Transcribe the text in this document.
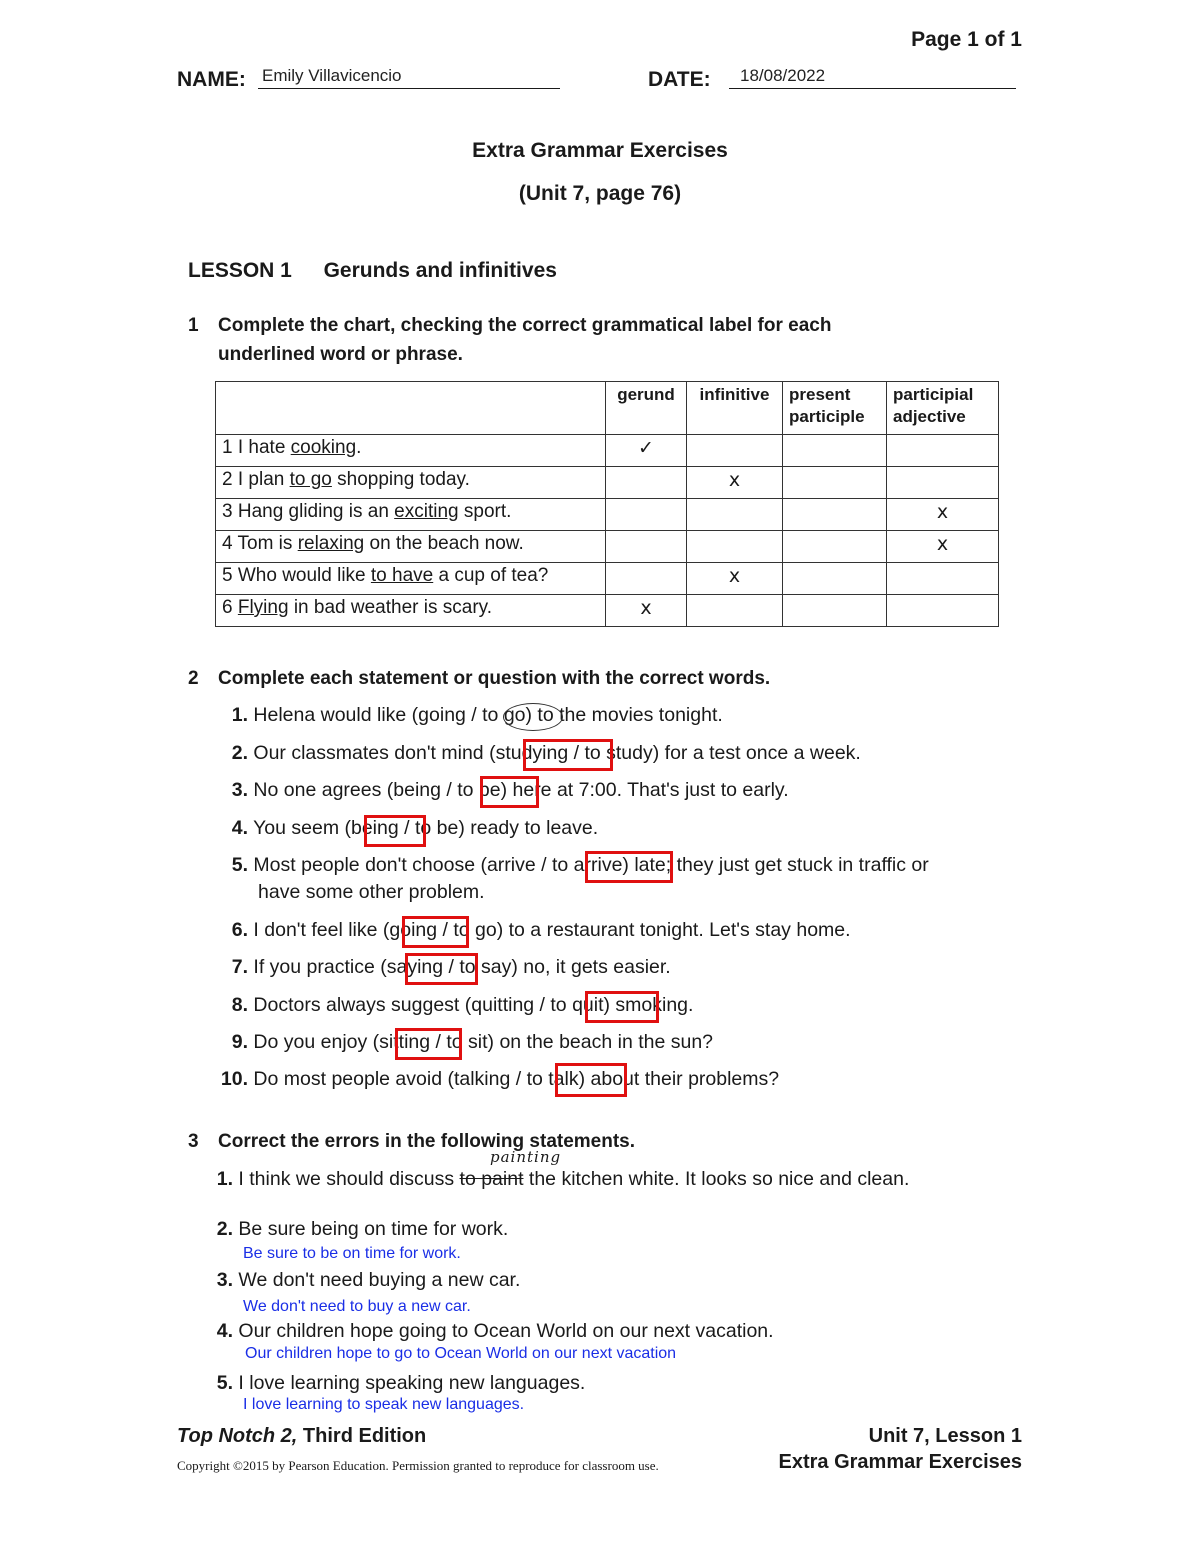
Page 1 of 1
NAME: Emily Villavicencio	DATE: 18/08/2022
Extra Grammar Exercises
(Unit 7, page 76)
LESSON 1 Gerunds and infinitives
1 Complete the chart, checking the correct grammatical label for each
underlined word or phrase.
	gerund	infinitive	present participle	participial adjective
1 I hate cooking.	✓			
2 I plan to go shopping today.		x		
3 Hang gliding is an exciting sport.				x
4 Tom is relaxing on the beach now.				x
5 Who would like to have a cup of tea?		x		
6 Flying in bad weather is scary.	x			
2 Complete each statement or question with the correct words.
1. Helena would like (going / to go) to the movies tonight.
2. Our classmates don't mind (studying / to study) for a test once a week.
3. No one agrees (being / to be) here at 7:00. That's just to early.
4. You seem (being / to be) ready to leave.
5. Most people don't choose (arrive / to arrive) late; they just get stuck in traffic or
have some other problem.
6. I don't feel like (going / to go) to a restaurant tonight. Let's stay home.
7. If you practice (saying / to say) no, it gets easier.
8. Doctors always suggest (quitting / to quit) smoking.
9. Do you enjoy (sitting / to sit) on the beach in the sun?
10. Do most people avoid (talking / to talk) about their problems?
3 Correct the errors in the following statements.
painting
1. I think we should discuss to paint the kitchen white. It looks so nice and clean.
2. Be sure being on time for work.
Be sure to be on time for work.
3. We don't need buying a new car.
We don't need to buy a new car.
4. Our children hope going to Ocean World on our next vacation.
Our children hope to go to Ocean World on our next vacation
5. I love learning speaking new languages.
I love learning to speak new languages.
Top Notch 2, Third Edition	Unit 7, Lesson 1
Copyright ©2015 by Pearson Education. Permission granted to reproduce for classroom use.	Extra Grammar Exercises
